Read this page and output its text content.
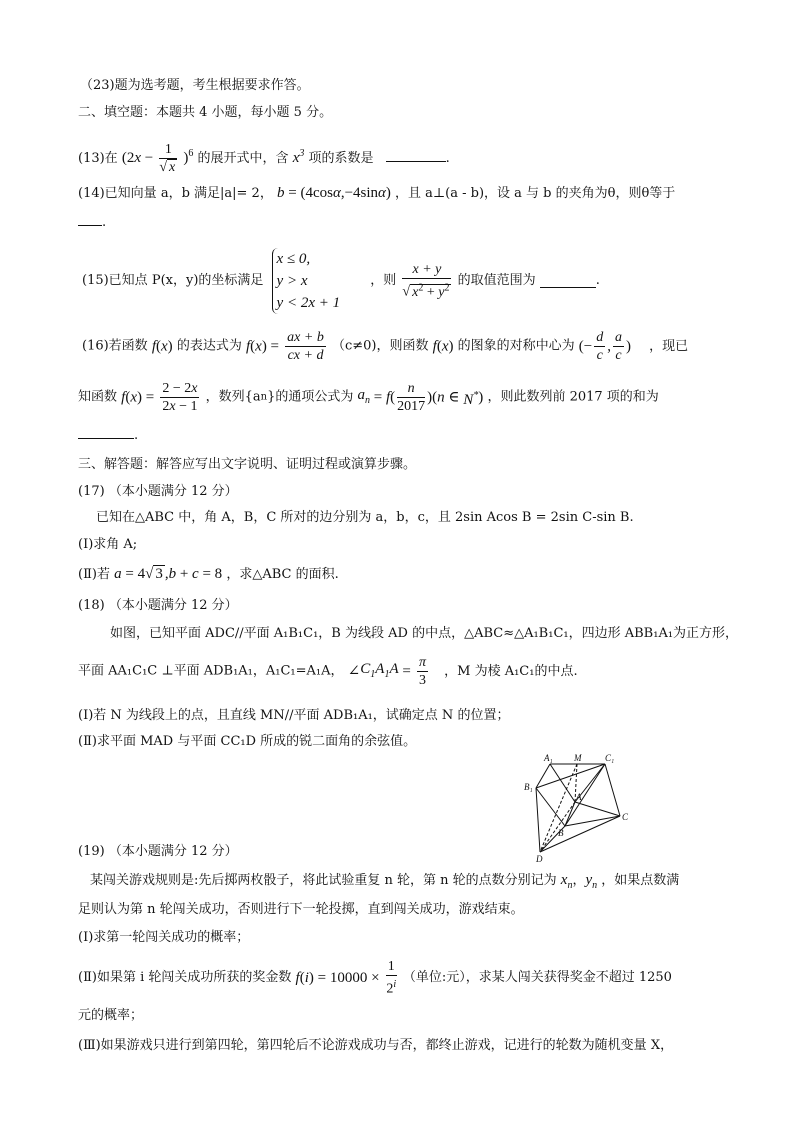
（23)题为选考题，考生根据要求作答。
二、填空题：本题共 4 小题，每小题 5 分。
(13)在 $(2x - \frac{1}{√ x} )^6$ 的展开式中，含 $x^3$ 项的系数是	.
(14)已知向量 a，b 满足|a|= 2， b = (4cosα,−4sinα) ，且 a⊥(a - b)，设 a 与 b 的夹角为θ，则θ等于
.
(15)已知点 P(x，y)的坐标满足
x ≤ 0,
y > x
y < 2x + 1
，则 $\frac{x + y}{√ x^2 + y^2}$ 的取值范围为	.
(16)若函数 f(x) 的表达式为 $f(x) = \frac{ax + b}{cx + d} (c\ne 0)$，则函数 f(x) 的图象的对称中心为 (− $\frac{d}{c}$ , $\frac{a}{c}$ ) ，现已
知函数 $f(x) = \frac{2 - 2x}{2x - 1}$ ，数列{an}的通项公式为 $a_n = f( \frac{n}{2017} )(n$ ∈ N*) ，则此数列前 2017 项的和为
.
三、解答题：解答应写出文字说明、证明过程或演算步骤。
(17) （本小题满分 12 分）
已知在△ABC 中，角 A，B，C 所对的边分别为 a，b，c，且 2sin Acos B = 2sin C-sin B.
(I)求角 A;
(Ⅱ)若 a = 4√ 3 ,b + c = 8 ，求△ABC 的面积.
(18) （本小题满分 12 分）
如图，已知平面 ADC//平面 A₁B₁C₁，B 为线段 AD 的中点，△ABC≈△A₁B₁C₁，四边形 ABB₁A₁为正方形，
平面 AA₁C₁C ⊥平面 ADB₁A₁，A₁C₁=A₁A， $\angle C_1A_1A = \frac{\pi}{3}$ ，M 为棱 A₁C₁的中点.
(I)若 N 为线段上的点，且直线 MN//平面 ADB₁A₁，试确定点 N 的位置；
(Ⅱ)求平面 MAD 与平面 CC₁D 所成的锐二面角的余弦值。
A₁ M	C₁
B₁
A
C
B
D
(19) （本小题满分 12 分）
某闯关游戏规则是:先后掷两枚骰子，将此试验重复 n 轮，第 n 轮的点数分别记为 $x_n$，$y_n$ ，如果点数满
足则认为第 n 轮闯关成功，否则进行下一轮投掷，直到闯关成功，游戏结束。
(I)求第一轮闯关成功的概率；
(Ⅱ)如果第 i 轮闯关成功所获的奖金数 $f(i) = 10000 \times \frac{1}{2^i}$ （单位:元），求某人闯关获得奖金不超过 1250
元的概率；
(Ⅲ)如果游戏只进行到第四轮，第四轮后不论游戏成功与否，都终止游戏，记进行的轮数为随机变量 X，
